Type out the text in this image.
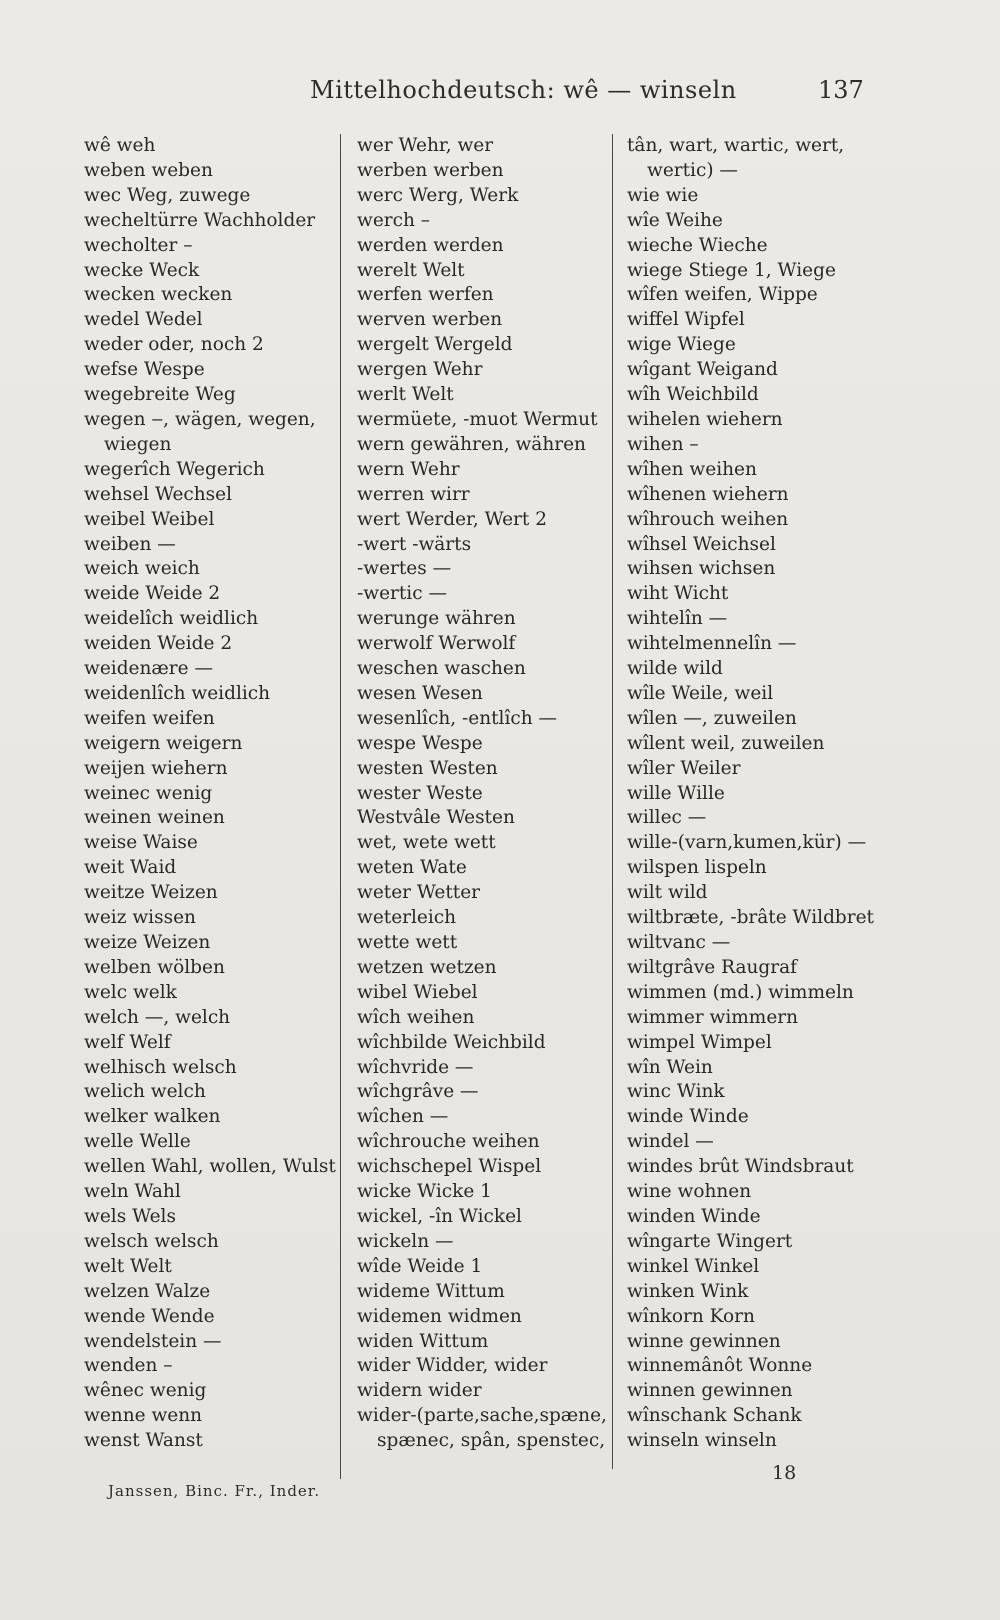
Mittelhochdeutsch: wê — winseln	137
wê weh
weben weben
wec Weg, zuwege
wecheltürre Wachholder
wecholter –
wecke Weck
wecken wecken
wedel Wedel
weder oder, noch 2
wefse Wespe
wegebreite Weg
wegen ‒, wägen, wegen,
wiegen
wegerîch Wegerich
wehsel Wechsel
weibel Weibel
weiben —
weich weich
weide Weide 2
weidelîch weidlich
weiden Weide 2
weidenære —
weidenlîch weidlich
weifen weifen
weigern weigern
weijen wiehern
weinec wenig
weinen weinen
weise Waise
weit Waid
weitze Weizen
weiz wissen
weize Weizen
welben wölben
welc welk
welch —, welch
welf Welf
welhisch welsch
welich welch
welker walken
welle Welle
wellen Wahl, wollen, Wulst
weln Wahl
wels Wels
welsch welsch
welt Welt
welzen Walze
wende Wende
wendelstein —
wenden –
wênec wenig
wenne wenn
wenst Wanst
wer Wehr, wer
werben werben
werc Werg, Werk
werch –
werden werden
werelt Welt
werfen werfen
werven werben
wergelt Wergeld
wergen Wehr
werlt Welt
wermüete, -muot Wermut
wern gewähren, währen
wern Wehr
werren wirr
wert Werder, Wert 2
-wert -wärts
-wertes —
-wertic —
werunge währen
werwolf Werwolf
weschen waschen
wesen Wesen
wesenlîch, -entlîch —
wespe Wespe
westen Westen
wester Weste
Westvâle Westen
wet, wete wett
weten Wate
weter Wetter
weterleich
wette wett
wetzen wetzen
wibel Wiebel
wîch weihen
wîchbilde Weichbild
wîchvride —
wîchgrâve —
wîchen —
wîchrouche weihen
wichschepel Wispel
wicke Wicke 1
wickel, -în Wickel
wickeln —
wîde Weide 1
wideme Wittum
widemen widmen
widen Wittum
wider Widder, wider
widern wider
wider-(parte,sache,spæne,
spænec, spân, spenstec,
tân, wart, wartic, wert,
wertic) —
wie wie
wîe Weihe
wieche Wieche
wiege Stiege 1, Wiege
wîfen weifen, Wippe
wiffel Wipfel
wige Wiege
wîgant Weigand
wîh Weichbild
wihelen wiehern
wihen –
wîhen weihen
wîhenen wiehern
wîhrouch weihen
wîhsel Weichsel
wihsen wichsen
wiht Wicht
wihtelîn —
wihtelmennelîn —
wilde wild
wîle Weile, weil
wîlen —, zuweilen
wîlent weil, zuweilen
wîler Weiler
wille Wille
willec —
wille-(varn,kumen,kür) —
wilspen lispeln
wilt wild
wiltbræte, -brâte Wildbret
wiltvanc —
wiltgrâve Raugraf
wimmen (md.) wimmeln
wimmer wimmern
wimpel Wimpel
wîn Wein
winc Wink
winde Winde
windel —
windes brût Windsbraut
wine wohnen
winden Winde
wîngarte Wingert
winkel Winkel
winken Wink
wînkorn Korn
winne gewinnen
winnemânôt Wonne
winnen gewinnen
wînschank Schank
winseln winseln
Janssen, Binc. Fr., Inder.
18
